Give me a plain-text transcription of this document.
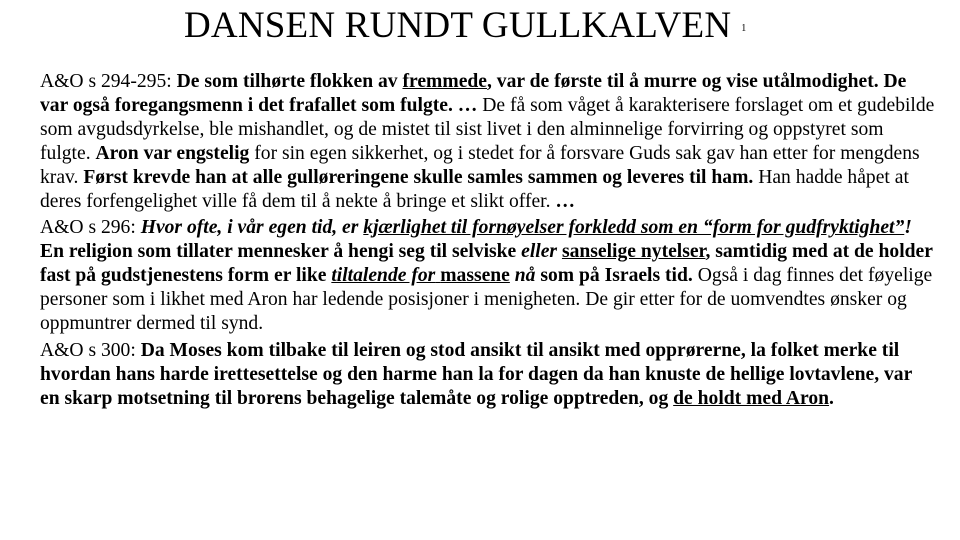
DANSEN RUNDT GULLKALVEN 1

A&O s 294-295: De som tilhørte flokken av fremmede, var de første til å murre og vise utålmodighet. De var også foregangsmenn i det frafallet som fulgte. … De få som våget å karakterisere forslaget om et gudebilde som avgudsdyrkelse, ble mishandlet, og de mistet til sist livet i den alminnelige forvirring og oppstyret som fulgte. Aron var engstelig for sin egen sikkerhet, og i stedet for å forsvare Guds sak gav han etter for mengdens krav. Først krevde han at alle gulløreringene skulle samles sammen og leveres til ham. Han hadde håpet at deres forfengelighet ville få dem til å nekte å bringe et slikt offer. …

A&O s 296: Hvor ofte, i vår egen tid, er kjærlighet til fornøyelser forkledd som en “form for gudfryktighet”! En religion som tillater mennesker å hengi seg til selviske eller sanselige nytelser, samtidig med at de holder fast på gudstjenestens form er like tiltalende for massene nå som på Israels tid. Også i dag finnes det føyelige personer som i likhet med Aron har ledende posisjoner i menigheten. De gir etter for de uomvendtes ønsker og oppmuntrer dermed til synd.

A&O s 300: Da Moses kom tilbake til leiren og stod ansikt til ansikt med opprørerne, la folket merke til hvordan hans harde irettesettelse og den harme han la for dagen da han knuste de hellige lovtavlene, var en skarp motsetning til brorens behagelige talemåte og rolige opptreden, og de holdt med Aron.
